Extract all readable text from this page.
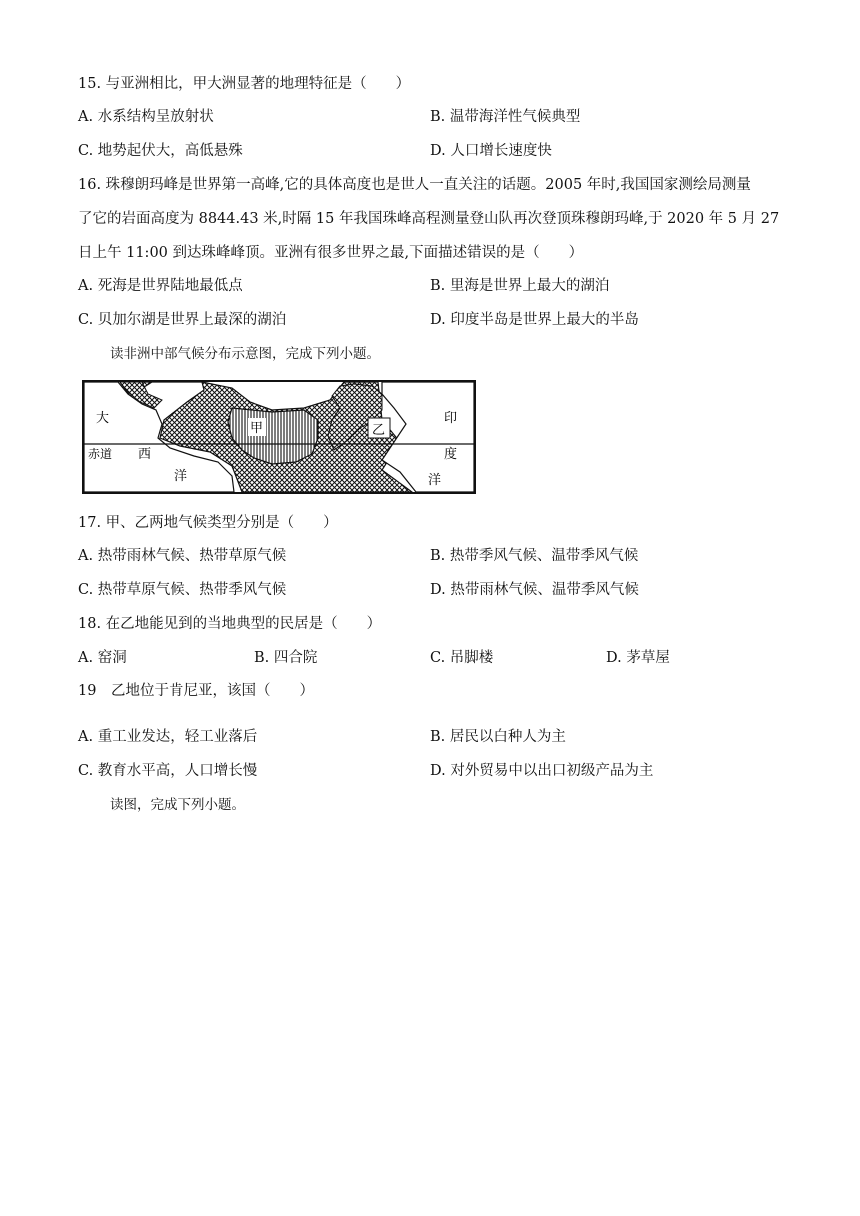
15. 与亚洲相比，甲大洲显著的地理特征是（　　）
A. 水系结构呈放射状	B. 温带海洋性气候典型
C. 地势起伏大，高低悬殊	D. 人口增长速度快
16. 珠穆朗玛峰是世界第一高峰,它的具体高度也是世人一直关注的话题。2005 年时,我国国家测绘局测量
了它的岩面高度为 8844.43 米,时隔 15 年我国珠峰高程测量登山队再次登顶珠穆朗玛峰,于 2020 年 5 月 27
日上午 11:00 到达珠峰峰顶。亚洲有很多世界之最,下面描述错误的是（　　）
A. 死海是世界陆地最低点	B. 里海是世界上最大的湖泊
C. 贝加尔湖是世界上最深的湖泊	D. 印度半岛是世界上最大的半岛
读非洲中部气候分布示意图，完成下列小题。
大
赤道 西
洋
甲	乙
印
度
洋
17. 甲、乙两地气候类型分别是（　　）
A. 热带雨林气候、热带草原气候	B. 热带季风气候、温带季风气候
C. 热带草原气候、热带季风气候	D. 热带雨林气候、温带季风气候
18. 在乙地能见到的当地典型的民居是（　　）
A. 窑洞	B. 四合院	C. 吊脚楼	D. 茅草屋
19　乙地位于肯尼亚，该国（　　）
A. 重工业发达，轻工业落后	B. 居民以白种人为主
C. 教育水平高，人口增长慢	D. 对外贸易中以出口初级产品为主
读图，完成下列小题。
